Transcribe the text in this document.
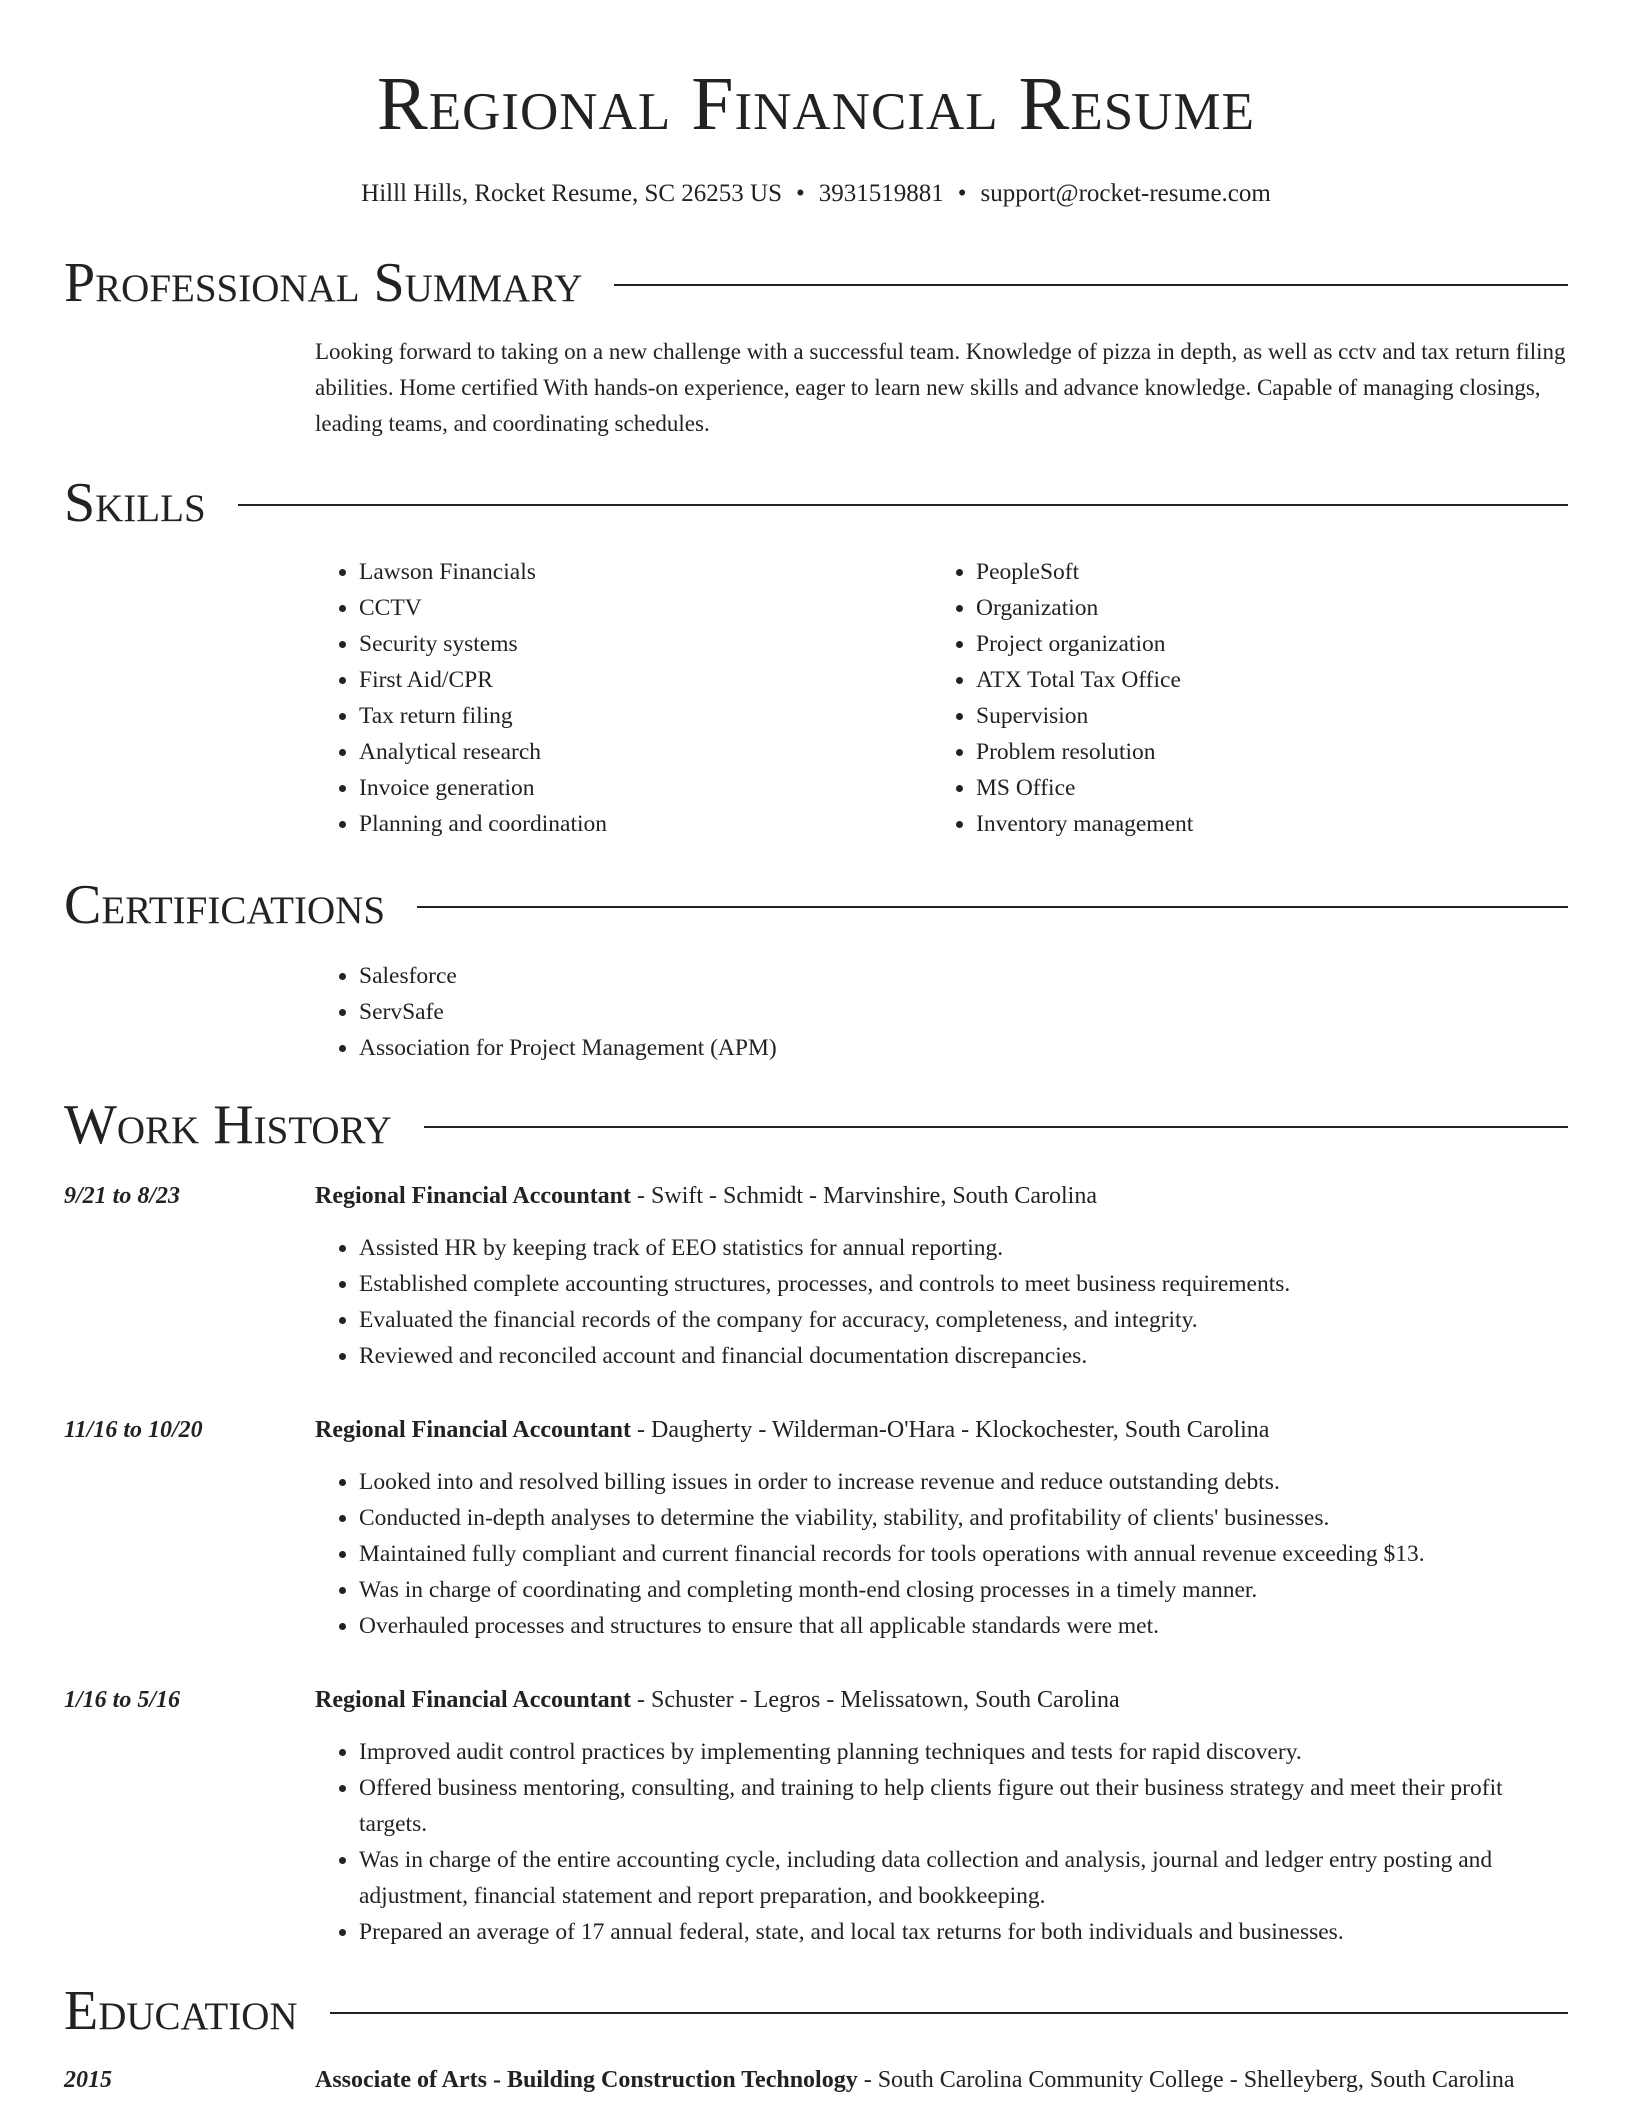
Regional Financial Resume
Hilll Hills, Rocket Resume, SC 26253 US • 3931519881 • support@rocket-resume.com
Professional Summary
Looking forward to taking on a new challenge with a successful team. Knowledge of pizza in depth, as well as cctv and tax return filing abilities. Home certified With hands-on experience, eager to learn new skills and advance knowledge. Capable of managing closings, leading teams, and coordinating schedules.
Skills
• Lawson Financials
• CCTV
• Security systems
• First Aid/CPR
• Tax return filing
• Analytical research
• Invoice generation
• Planning and coordination
• PeopleSoft
• Organization
• Project organization
• ATX Total Tax Office
• Supervision
• Problem resolution
• MS Office
• Inventory management
Certifications
• Salesforce
• ServSafe
• Association for Project Management (APM)
Work History
9/21 to 8/23	Regional Financial Accountant - Swift - Schmidt - Marvinshire, South Carolina
• Assisted HR by keeping track of EEO statistics for annual reporting.
• Established complete accounting structures, processes, and controls to meet business requirements.
• Evaluated the financial records of the company for accuracy, completeness, and integrity.
• Reviewed and reconciled account and financial documentation discrepancies.
11/16 to 10/20	Regional Financial Accountant - Daugherty - Wilderman-O'Hara - Klockochester, South Carolina
• Looked into and resolved billing issues in order to increase revenue and reduce outstanding debts.
• Conducted in-depth analyses to determine the viability, stability, and profitability of clients' businesses.
• Maintained fully compliant and current financial records for tools operations with annual revenue exceeding $13.
• Was in charge of coordinating and completing month-end closing processes in a timely manner.
• Overhauled processes and structures to ensure that all applicable standards were met.
1/16 to 5/16	Regional Financial Accountant - Schuster - Legros - Melissatown, South Carolina
• Improved audit control practices by implementing planning techniques and tests for rapid discovery.
• Offered business mentoring, consulting, and training to help clients figure out their business strategy and meet their profit targets.
• Was in charge of the entire accounting cycle, including data collection and analysis, journal and ledger entry posting and adjustment, financial statement and report preparation, and bookkeeping.
• Prepared an average of 17 annual federal, state, and local tax returns for both individuals and businesses.
Education
2015	Associate of Arts - Building Construction Technology - South Carolina Community College - Shelleyberg, South Carolina
